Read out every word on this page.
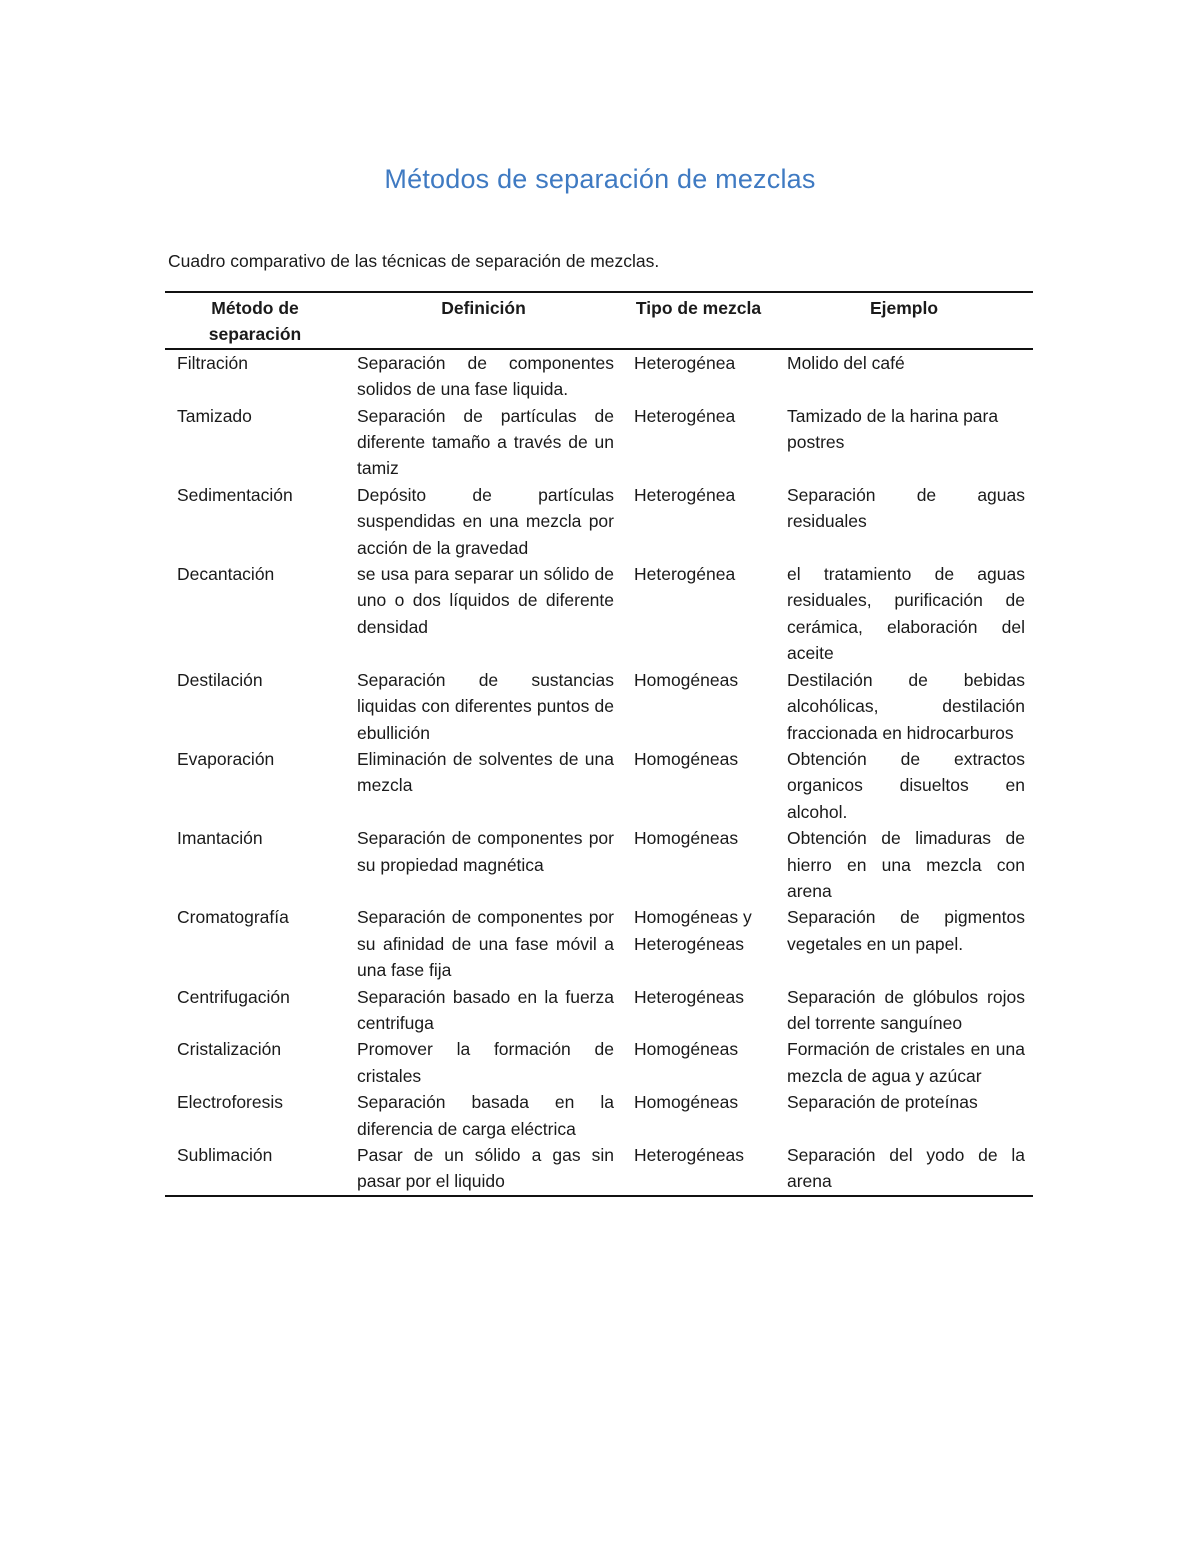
Métodos de separación de mezclas
Cuadro comparativo de las técnicas de separación de mezclas.
Método de separación	Definición	Tipo de mezcla	Ejemplo
Filtración	Separación de componentes solidos de una fase liquida.	Heterogénea	Molido del café
Tamizado	Separación de partículas de diferente tamaño a través de un tamiz	Heterogénea	Tamizado de la harina para postres
Sedimentación	Depósito de partículas suspendidas en una mezcla por acción de la gravedad	Heterogénea	Separación de aguas residuales
Decantación	se usa para separar un sólido de uno o dos líquidos de diferente densidad	Heterogénea	el tratamiento de aguas residuales, purificación de cerámica, elaboración del aceite
Destilación	Separación de sustancias liquidas con diferentes puntos de ebullición	Homogéneas	Destilación de bebidas alcohólicas, destilación fraccionada en hidrocarburos
Evaporación	Eliminación de solventes de una mezcla	Homogéneas	Obtención de extractos organicos disueltos en alcohol.
Imantación	Separación de componentes por su propiedad magnética	Homogéneas	Obtención de limaduras de hierro en una mezcla con arena
Cromatografía	Separación de componentes por su afinidad de una fase móvil a una fase fija	Homogéneas y Heterogéneas	Separación de pigmentos vegetales en un papel.
Centrifugación	Separación basado en la fuerza centrifuga	Heterogéneas	Separación de glóbulos rojos del torrente sanguíneo
Cristalización	Promover la formación de cristales	Homogéneas	Formación de cristales en una mezcla de agua y azúcar
Electroforesis	Separación basada en la diferencia de carga eléctrica	Homogéneas	Separación de proteínas
Sublimación	Pasar de un sólido a gas sin pasar por el liquido	Heterogéneas	Separación del yodo de la arena
